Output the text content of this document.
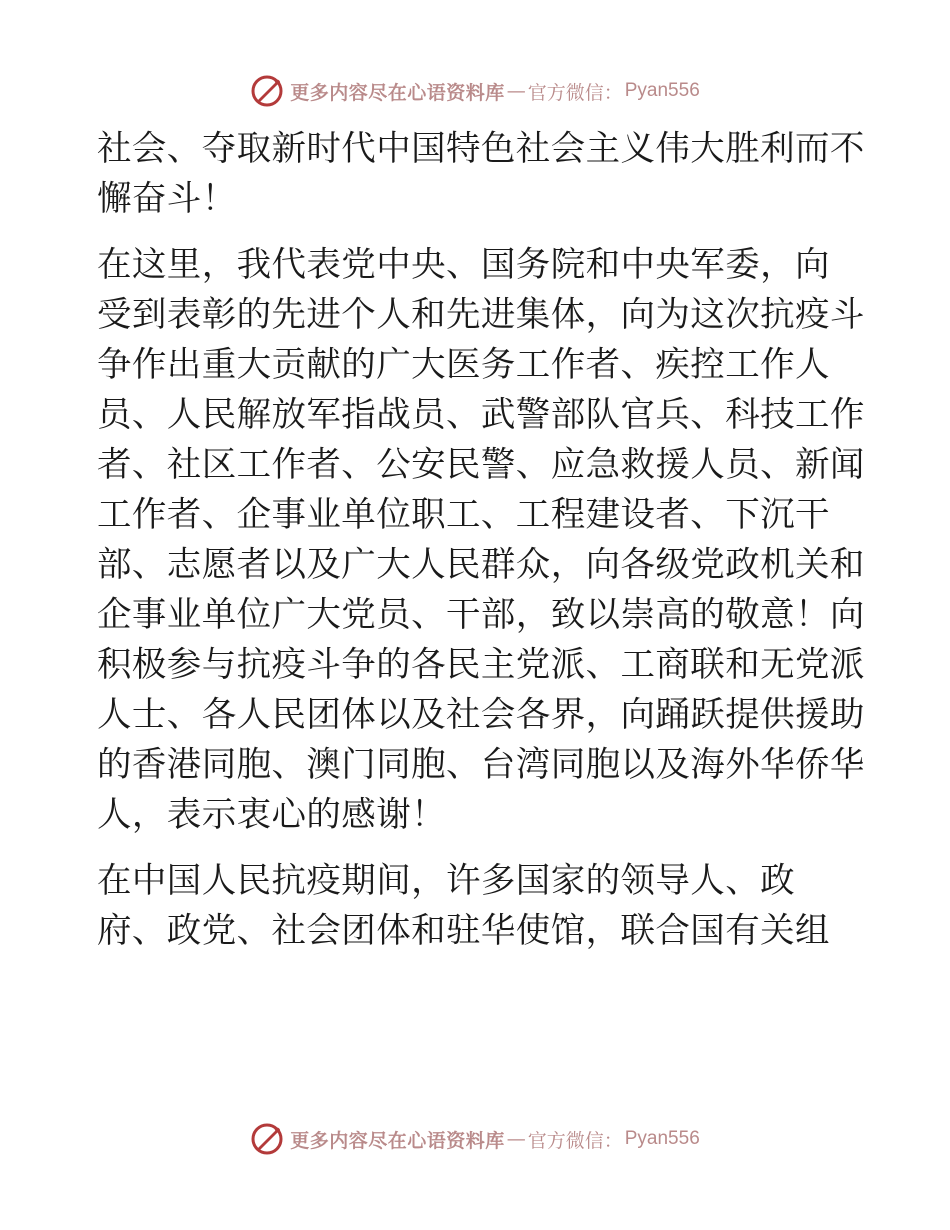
更多内容尽在心语资料库 — 官方微信： Pyan556
社会、夺取新时代中国特色社会主义伟大胜利而不
懈奋斗！
在这里，我代表党中央、国务院和中央军委，向
受到表彰的先进个人和先进集体，向为这次抗疫斗
争作出重大贡献的广大医务工作者、疾控工作人
员、人民解放军指战员、武警部队官兵、科技工作
者、社区工作者、公安民警、应急救援人员、新闻
工作者、企事业单位职工、工程建设者、下沉干
部、志愿者以及广大人民群众，向各级党政机关和
企事业单位广大党员、干部，致以崇高的敬意！向
积极参与抗疫斗争的各民主党派、工商联和无党派
人士、各人民团体以及社会各界，向踊跃提供援助
的香港同胞、澳门同胞、台湾同胞以及海外华侨华
人，表示衷心的感谢！
在中国人民抗疫期间，许多国家的领导人、政
府、政党、社会团体和驻华使馆，联合国有关组
更多内容尽在心语资料库 — 官方微信： Pyan556
